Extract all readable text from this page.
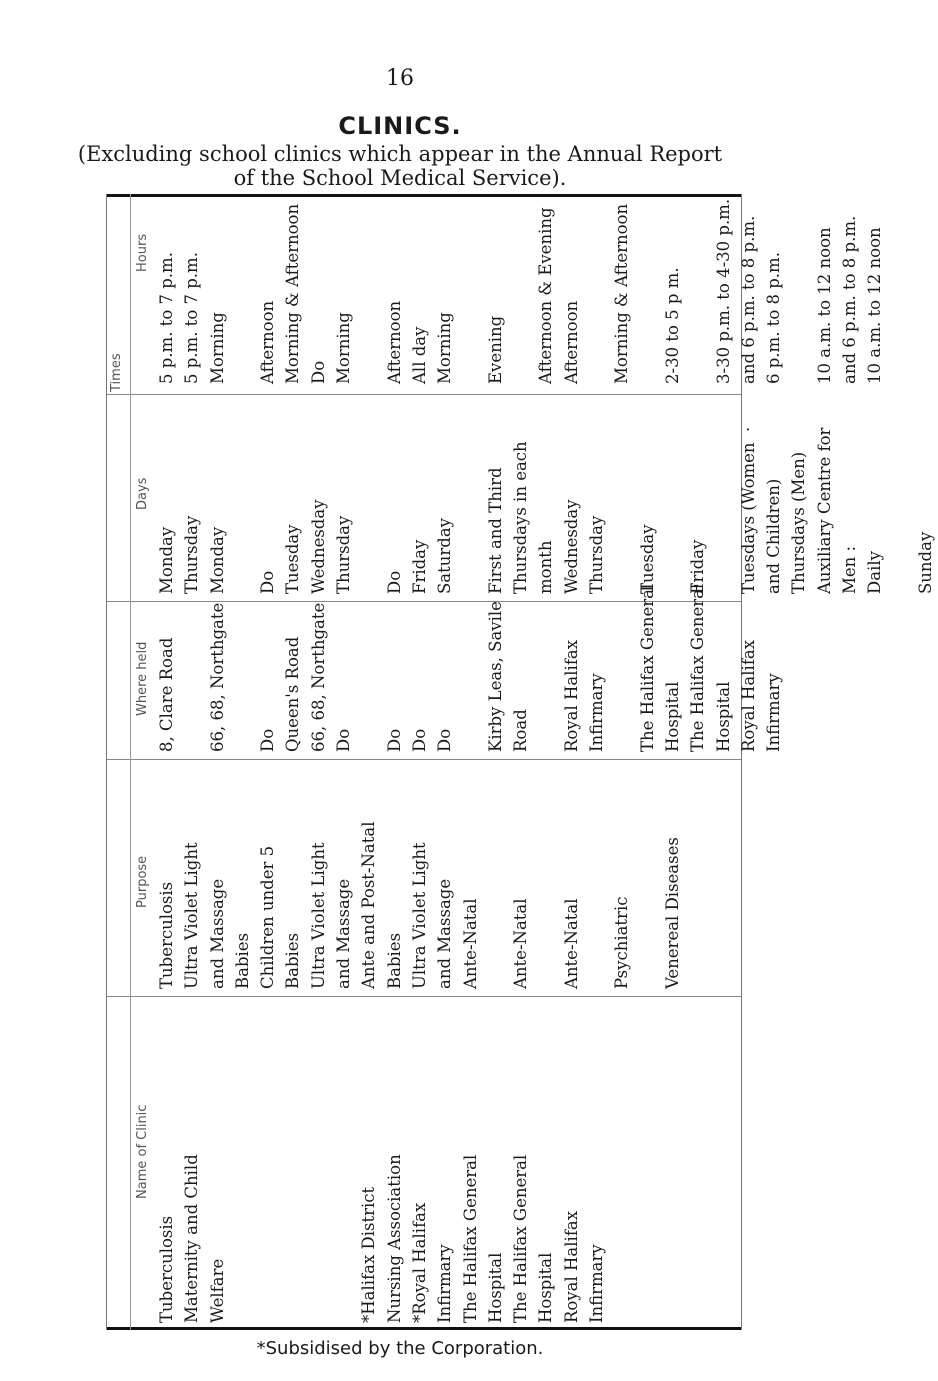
16
CLINICS.
(Excluding school clinics which appear in the Annual Report
of the School Medical Service).
Times
Hours
Days
Where held
Purpose
Name of Clinic
5 p.m. to 7 p.m. 5 p.m. to 7 p.m. Morning Afternoon Morning & Afternoon Do Morning Afternoon All day Morning Evening Afternoon & Evening Afternoon Morning & Afternoon 2-30 to 5 p m. 3-30 p.m. to 4-30 p.m. and 6 p.m. to 8 p.m. 6 p.m. to 8 p.m. 10 a.m. to 12 noon and 6 p.m. to 8 p.m. 10 a.m. to 12 noon
Monday Thursday Monday Do Tuesday Wednesday Thursday Do Friday Saturday First and Third Thursdays in each month Wednesday Thursday Tuesday Friday Tuesdays (Women  · and Children) Thursdays (Men) Auxiliary Centre for Men : Daily Sunday
8, Clare Road 66, 68, Northgate Do Queen's Road 66, 68, Northgate Do Do Do Do Kirby Leas, Savile Road Royal Halifax Infirmary The Halifax General Hospital The Halifax General Hospital Royal Halifax Infirmary
Tuberculosis Ultra Violet Light and Massage Babies Children under 5 Babies Ultra Violet Light and Massage Ante and Post-Natal Babies Ultra Violet Light and Massage Ante-Natal Ante-Natal Ante-Natal Psychiatric Venereal Diseases
Tuberculosis Maternity and Child Welfare	*Halifax District Nursing Association *Royal Halifax Infirmary The Halifax General Hospital The Halifax General Hospital Royal Halifax Infirmary
*Subsidised by the Corporation.
